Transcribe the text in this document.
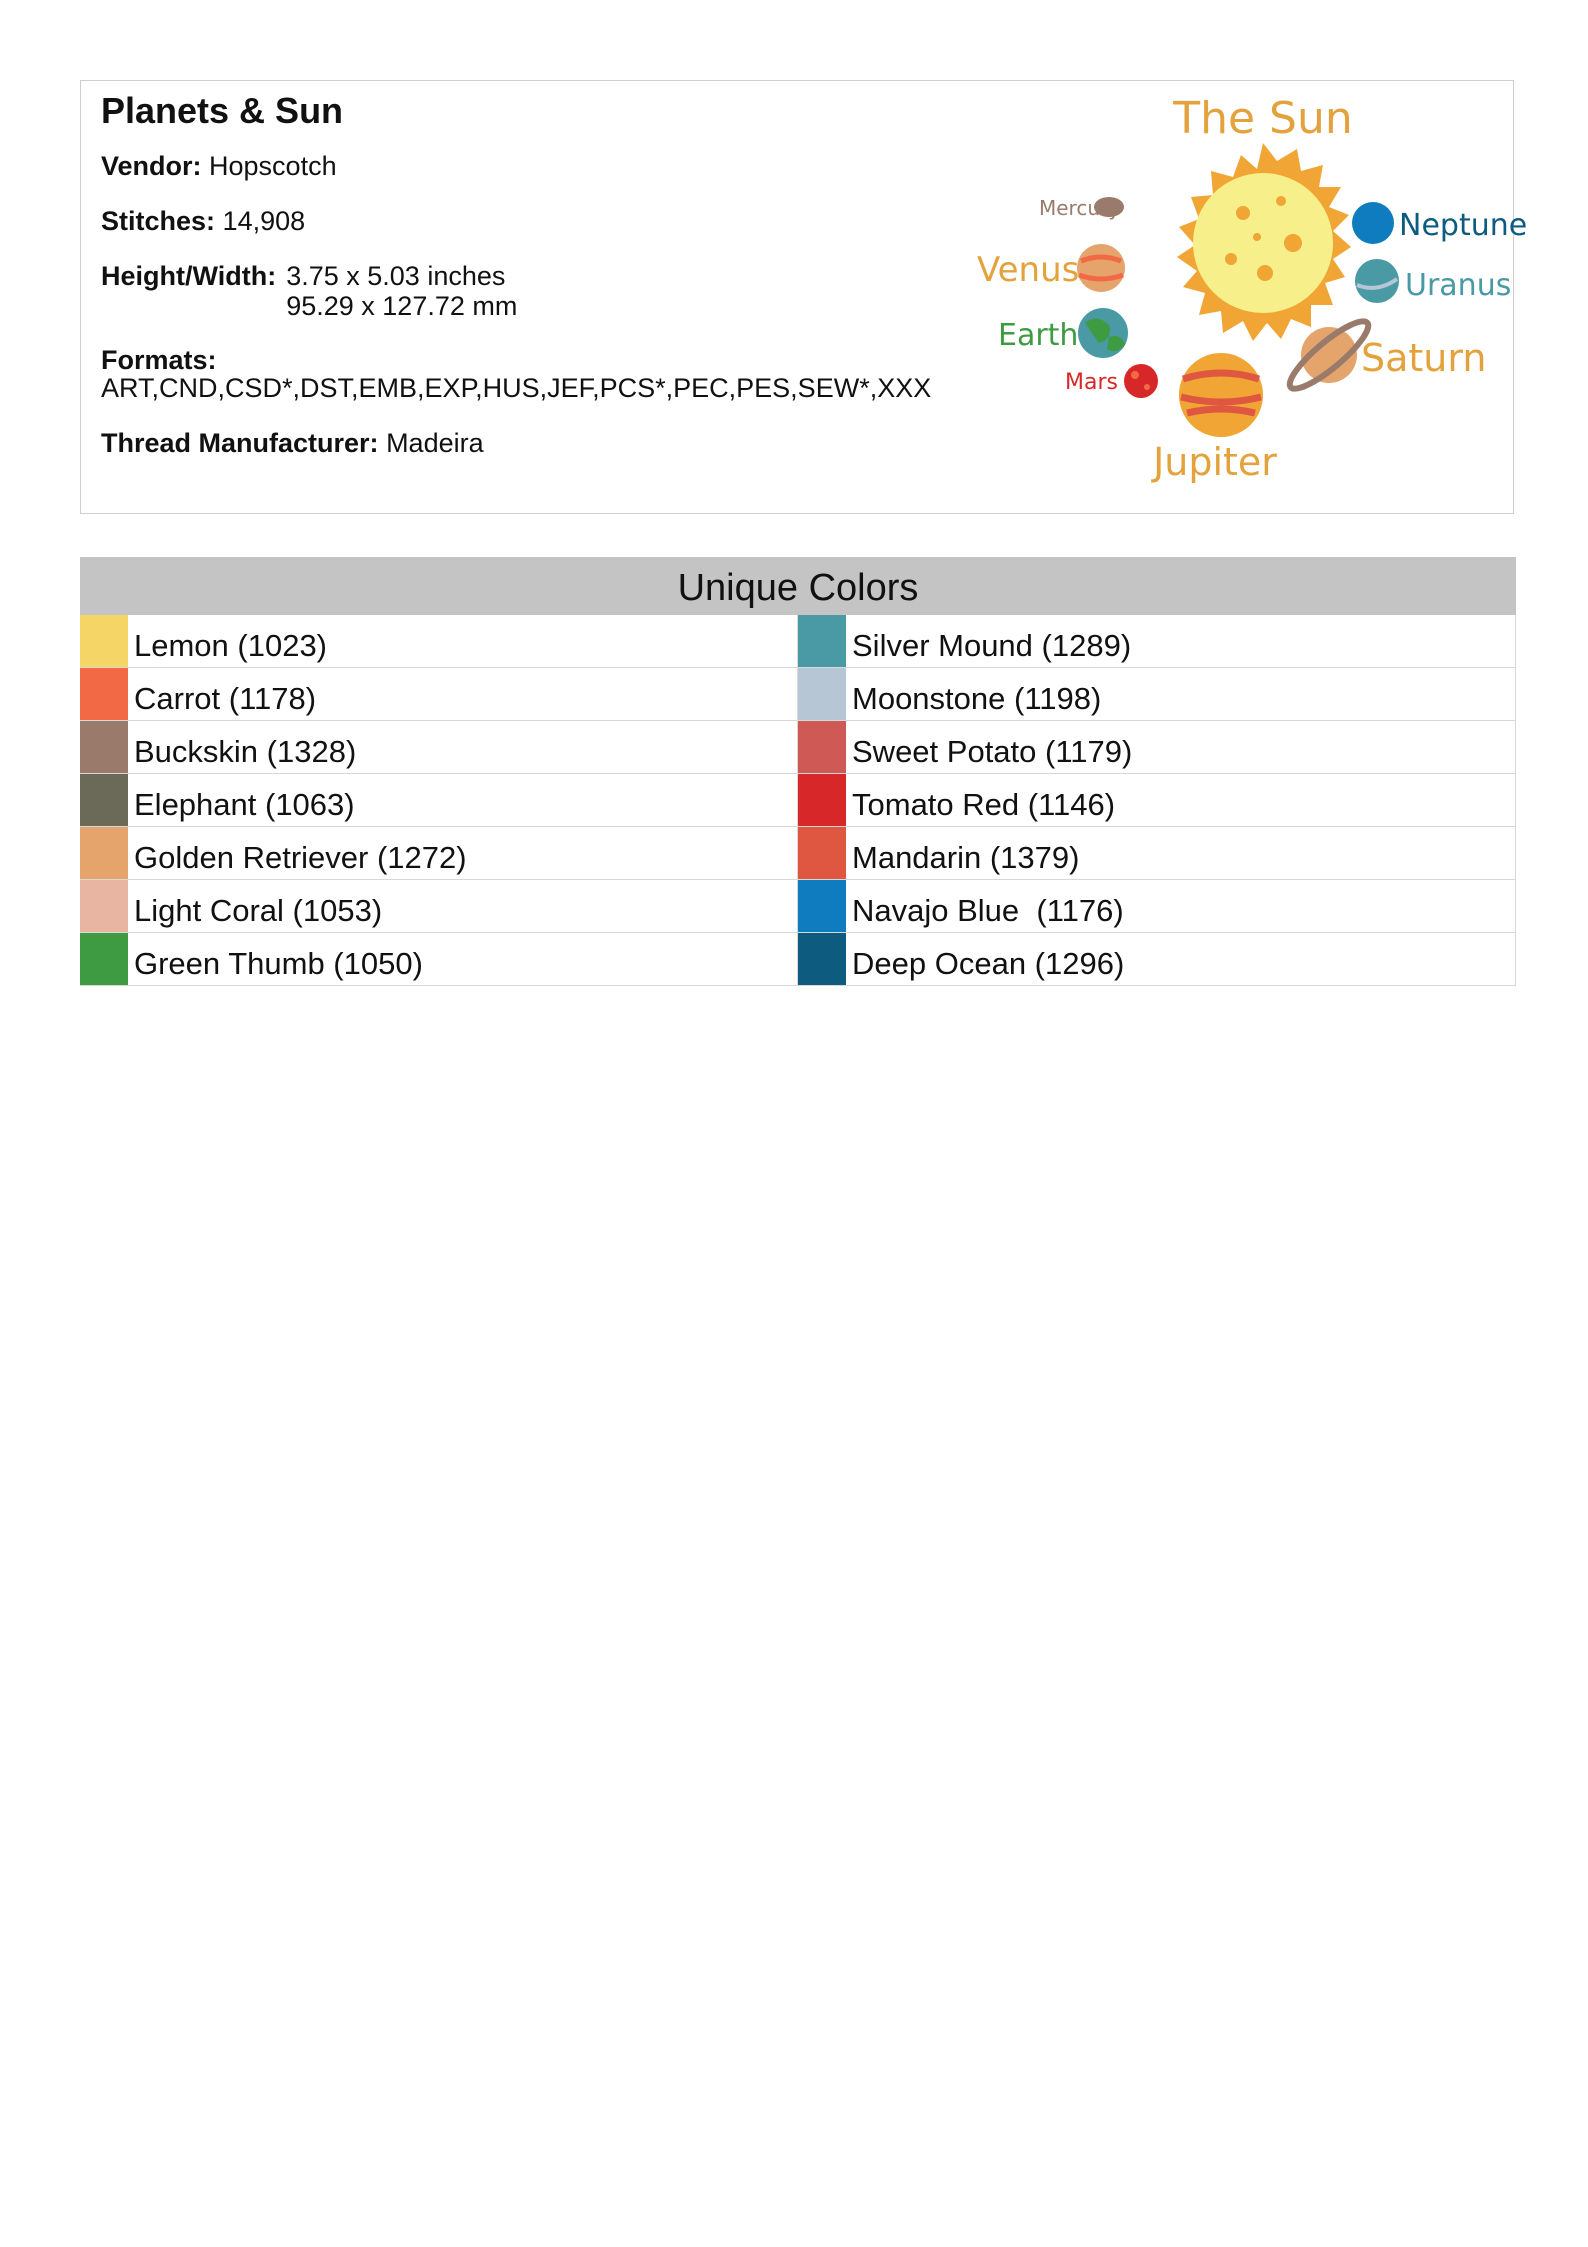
Planets & Sun
Vendor: Hopscotch
Stitches: 14,908
Height/Width: 3.75 x 5.03 inches
95.29 x 127.72 mm
Formats:
ART,CND,CSD*,DST,EMB,EXP,HUS,JEF,PCS*,PEC,PES,SEW*,XXX
Thread Manufacturer: Madeira
The Sun
Mercury
Venus
Earth
Mars
Jupiter
Saturn
Neptune
Uranus
Unique Colors
Lemon (1023)	Silver Mound (1289)
Carrot (1178)	Moonstone (1198)
Buckskin (1328)	Sweet Potato (1179)
Elephant (1063)	Tomato Red (1146)
Golden Retriever (1272)	Mandarin (1379)
Light Coral (1053)	Navajo Blue  (1176)
Green Thumb (1050)	Deep Ocean (1296)
